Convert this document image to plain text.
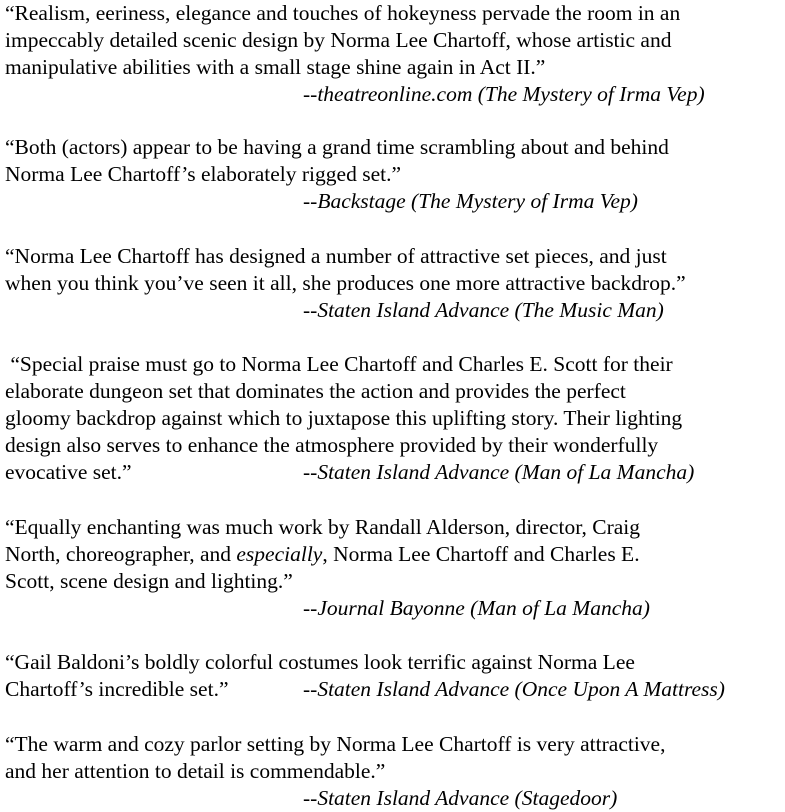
“Realism, eeriness, elegance and touches of hokeyness pervade the room in an
impeccably detailed scenic design by Norma Lee Chartoff, whose artistic and
manipulative abilities with a small stage shine again in Act II.”
--theatreonline.com (The Mystery of Irma Vep)
“Both (actors) appear to be having a grand time scrambling about and behind
Norma Lee Chartoff’s elaborately rigged set.”
--Backstage (The Mystery of Irma Vep)
“Norma Lee Chartoff has designed a number of attractive set pieces, and just
when you think you’ve seen it all, she produces one more attractive backdrop.”
--Staten Island Advance (The Music Man)
“Special praise must go to Norma Lee Chartoff and Charles E. Scott for their
elaborate dungeon set that dominates the action and provides the perfect
gloomy backdrop against which to juxtapose this uplifting story. Their lighting
design also serves to enhance the atmosphere provided by their wonderfully
evocative set.”	--Staten Island Advance (Man of La Mancha)
“Equally enchanting was much work by Randall Alderson, director, Craig
North, choreographer, and especially, Norma Lee Chartoff and Charles E.
Scott, scene design and lighting.”
--Journal Bayonne (Man of La Mancha)
“Gail Baldoni’s boldly colorful costumes look terrific against Norma Lee
Chartoff’s incredible set.”	--Staten Island Advance (Once Upon A Mattress)
“The warm and cozy parlor setting by Norma Lee Chartoff is very attractive,
and her attention to detail is commendable.”
--Staten Island Advance (Stagedoor)
